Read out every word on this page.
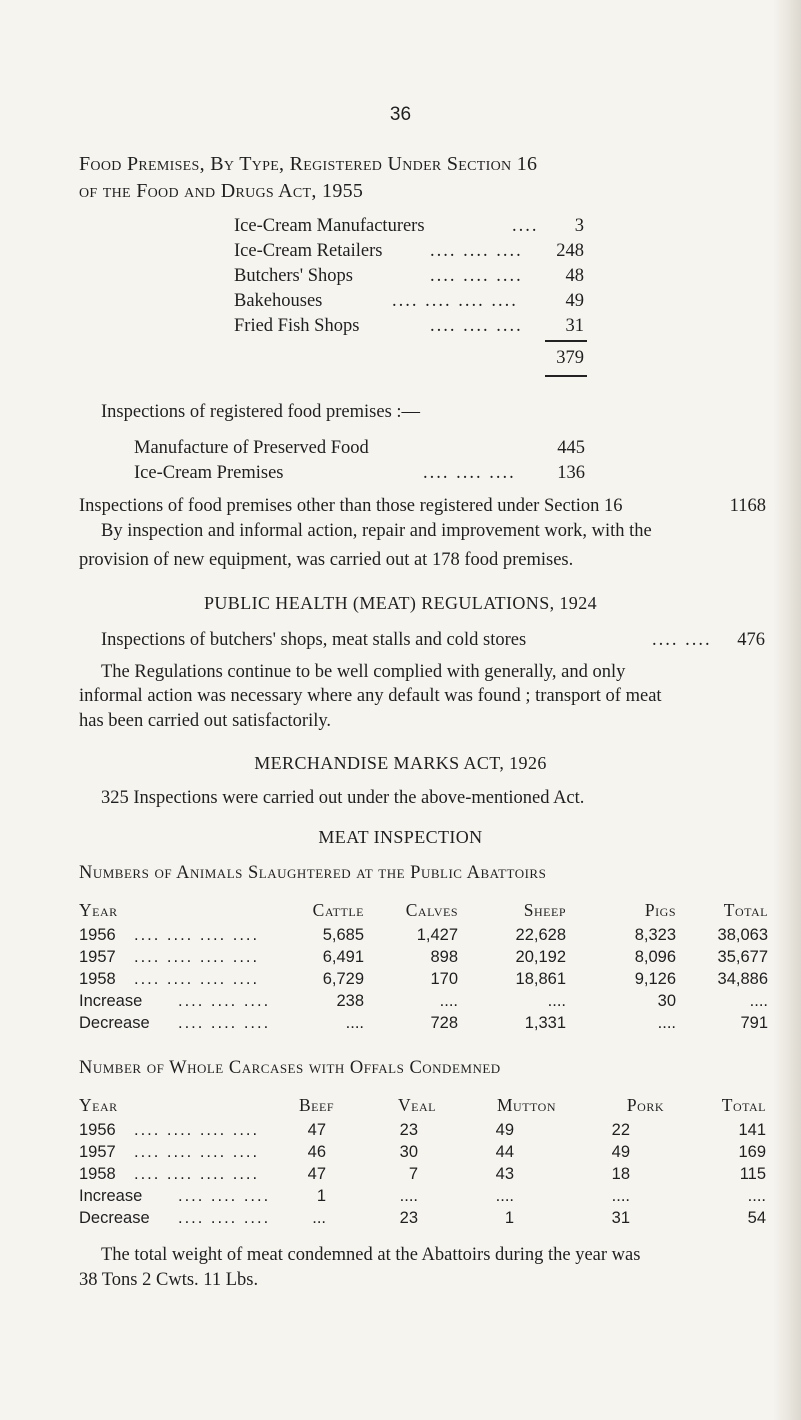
36
Food Premises, By Type, Registered Under Section 16
of the Food and Drugs Act, 1955
Ice-Cream Manufacturers	....	3
Ice-Cream Retailers	.... .... ....	248
Butchers' Shops	.... .... ....	48
Bakehouses	.... .... .... ....	49
Fried Fish Shops	.... .... ....	31
379
Inspections of registered food premises :—
Manufacture of Preserved Food	445
Ice-Cream Premises	.... .... ....	136
Inspections of food premises other than those registered under Section 16	1168
By inspection and informal action, repair and improvement work, with the
provision of new equipment, was carried out at 178 food premises.
PUBLIC HEALTH (MEAT) REGULATIONS, 1924
Inspections of butchers' shops, meat stalls and cold stores	.... ....	476
The Regulations continue to be well complied with generally, and only
informal action was necessary where any default was found ; transport of meat
has been carried out satisfactorily.
MERCHANDISE MARKS ACT, 1926
325 Inspections were carried out under the above-mentioned Act.
MEAT INSPECTION
Numbers of Animals Slaughtered at the Public Abattoirs
Year	Cattle	Calves	Sheep	Pigs	Total
1956 .... .... .... ....	5,685	1,427	22,628	8,323	38,063
1957 .... .... .... ....	6,491	898	20,192	8,096	35,677
1958 .... .... .... ....	6,729	170	18,861	9,126	34,886
Increase .... .... ....	238	....	....	30	....
Decrease .... .... ....	....	728	1,331	....	791
Number of Whole Carcases with Offals Condemned
Year	Beef	Veal	Mutton	Pork	Total
1956 .... .... .... ....	47	23	49	22	141
1957 .... .... .... ....	46	30	44	49	169
1958 .... .... .... ....	47	7	43	18	115
Increase .... .... ....	1	....	....	....	....
Decrease .... .... ....	...	23	1	31	54
The total weight of meat condemned at the Abattoirs during the year was
38 Tons 2 Cwts. 11 Lbs.
